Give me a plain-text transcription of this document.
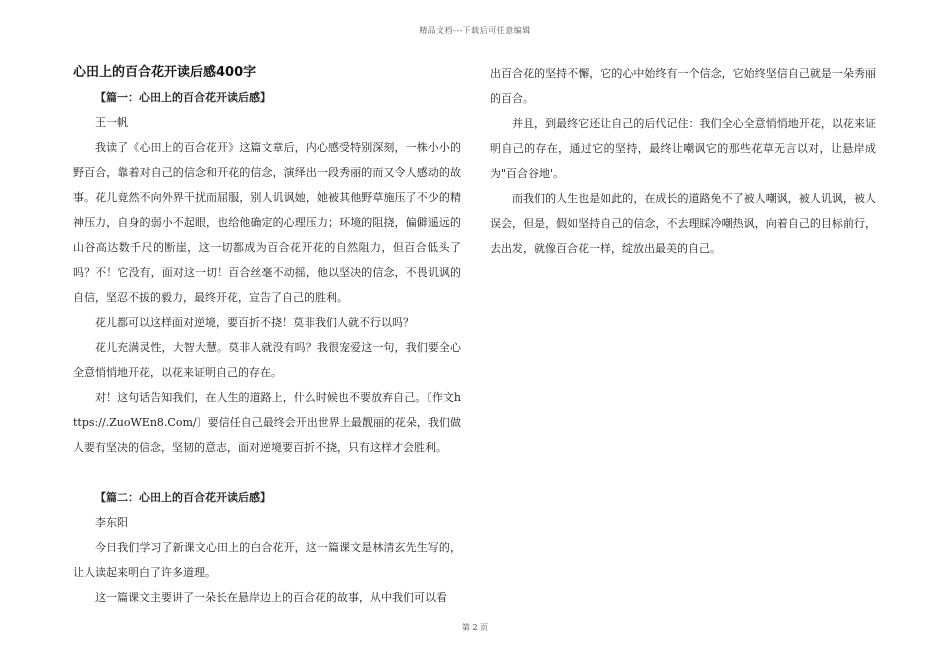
精品文档---下载后可任意编辑
心田上的百合花开读后感400字

【篇一：心田上的百合花开读后感】

王一帆

我读了《心田上的百合花开》这篇文章后，内心感受特别深刻，一株小小的野百合，靠着对自己的信念和开花的信念，演绎出一段秀丽的而又令人感动的故事。花儿竟然不向外界干扰而屈服，别人讥讽她，她被其他野草施压了不少的精神压力，自身的弱小不起眼，也给他确定的心理压力；环境的阻挠，偏僻遥远的山谷高达数千尺的断崖，这一切都成为百合花开花的自然阻力，但百合低头了吗？不！它没有，面对这一切！百合丝毫不动摇，他以坚决的信念，不畏讥讽的自信，坚忍不拔的毅力，最终开花，宣告了自己的胜利。

花儿都可以这样面对逆境，要百折不挠！莫非我们人就不行以吗？

花儿充满灵性，大智大慧。莫非人就没有吗？我很宠爱这一句，我们要全心全意悄悄地开花，以花来证明自己的存在。

对！这句话告知我们，在人生的道路上，什么时候也不要放弃自己。〔作文https://.ZuoWEn8.Com/〕要信任自己最终会开出世界上最靓丽的花朵，我们做人要有坚决的信念，坚韧的意志，面对逆境要百折不挠，只有这样才会胜利。

【篇二：心田上的百合花开读后感】

李东阳

今日我们学习了新课文心田上的白合花开，这一篇课文是林清玄先生写的，让人读起来明白了许多道理。

这一篇课文主要讲了一朵长在悬岸边上的百合花的故事，从中我们可以看

出百合花的坚持不懈，它的心中始终有一个信念，它始终坚信自己就是一朵秀丽的百合。

并且，到最终它还让自己的后代记住：我们全心全意悄悄地开花，以花来证明自己的存在，通过它的坚持，最终让嘲讽它的那些花草无言以对，让悬岸成为"百合谷地'。

而我们的人生也是如此的，在成长的道路免不了被人嘲讽，被人讥讽，被人误会，但是，假如坚持自己的信念，不去理睬冷嘲热讽，向着自己的目标前行，去出发，就像百合花一样，绽放出最美的自己。

第 2 页
